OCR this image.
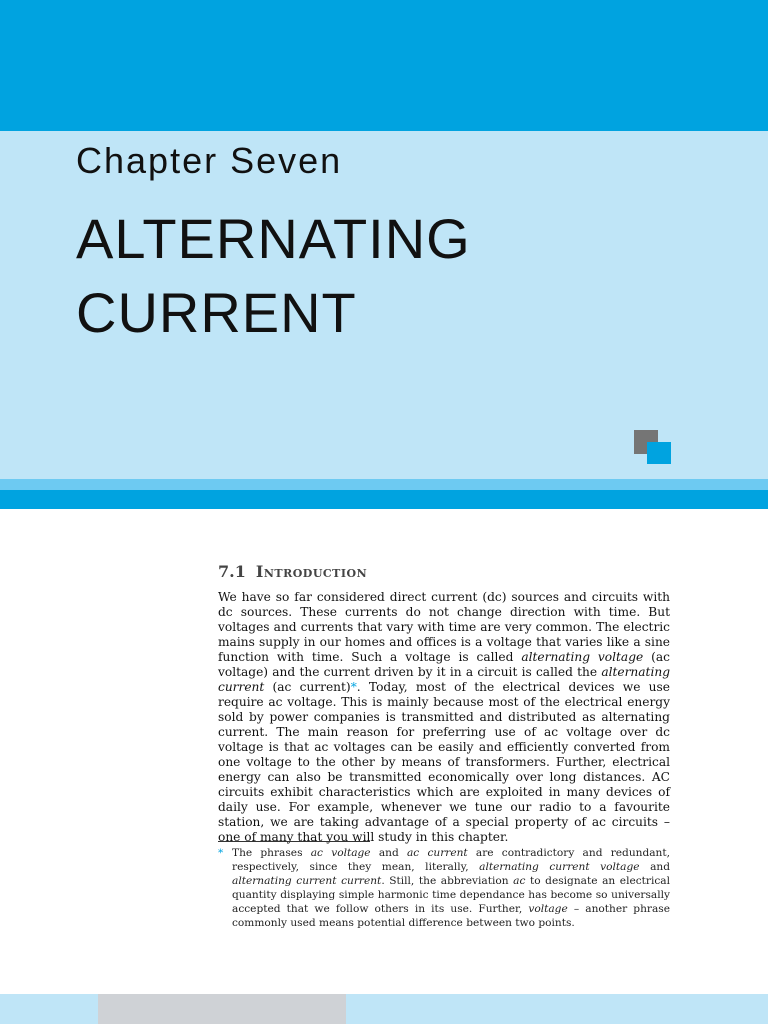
Chapter Seven
ALTERNATING
CURRENT
7.1 Introduction

We have so far considered direct current (dc) sources and circuits with dc sources. These currents do not change direction with time. But voltages and currents that vary with time are very common. The electric mains supply in our homes and offices is a voltage that varies like a sine function with time. Such a voltage is called alternating voltage (ac voltage) and the current driven by it in a circuit is called the alternating current (ac current)*. Today, most of the electrical devices we use require ac voltage. This is mainly because most of the electrical energy sold by power companies is transmitted and distributed as alternating current. The main reason for preferring use of ac voltage over dc voltage is that ac voltages can be easily and efficiently converted from one voltage to the other by means of transformers. Further, electrical energy can also be transmitted economically over long distances. AC circuits exhibit characteristics which are exploited in many devices of daily use. For example, whenever we tune our radio to a favourite station, we are taking advantage of a special property of ac circuits – one of many that you will study in this chapter.

* The phrases ac voltage and ac current are contradictory and redundant, respectively, since they mean, literally, alternating current voltage and alternating current current. Still, the abbreviation ac to designate an electrical quantity displaying simple harmonic time dependance has become so universally accepted that we follow others in its use. Further, voltage – another phrase commonly used means potential difference between two points.
